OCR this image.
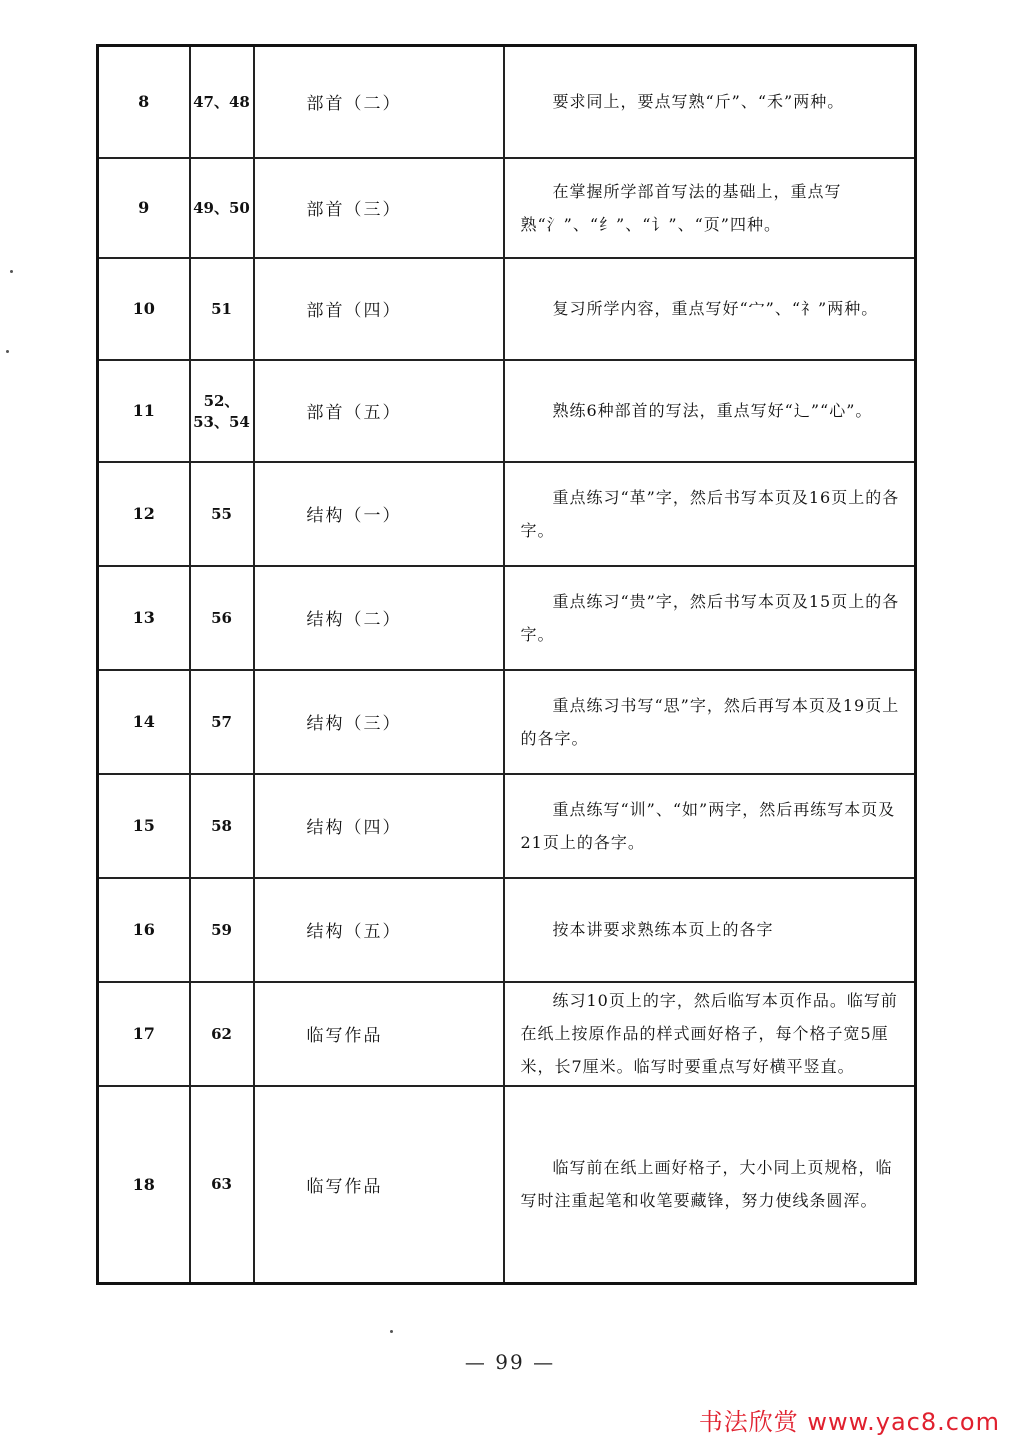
8	47、48	部首（二）	要求同上，要点写熟“斤”、“禾”两种。

9	49、50	部首（三）	在掌握所学部首写法的基础上，重点写熟“氵”、“纟”、“讠”、“页”四种。

10	51	部首（四）	复习所学内容，重点写好“宀”、“礻”两种。

11	52、53、54	部首（五）	熟练6种部首的写法，重点写好“辶”“心”。

12	55	结构（一）	重点练习“革”字，然后书写本页及16页上的各字。

13	56	结构（二）	重点练习“贵”字，然后书写本页及15页上的各字。

14	57	结构（三）	重点练习书写“思”字，然后再写本页及19页上的各字。

15	58	结构（四）	重点练写“训”、“如”两字，然后再练写本页及21页上的各字。

16	59	结构（五）	按本讲要求熟练本页上的各字

17	62	临写作品	练习10页上的字，然后临写本页作品。临写前在纸上按原作品的样式画好格子，每个格子宽5厘米，长7厘米。临写时要重点写好横平竖直。

18	63	临写作品	临写前在纸上画好格子，大小同上页规格，临写时注重起笔和收笔要藏锋，努力使线条圆浑。
— 99 —
书法欣赏 www.yac8.com
